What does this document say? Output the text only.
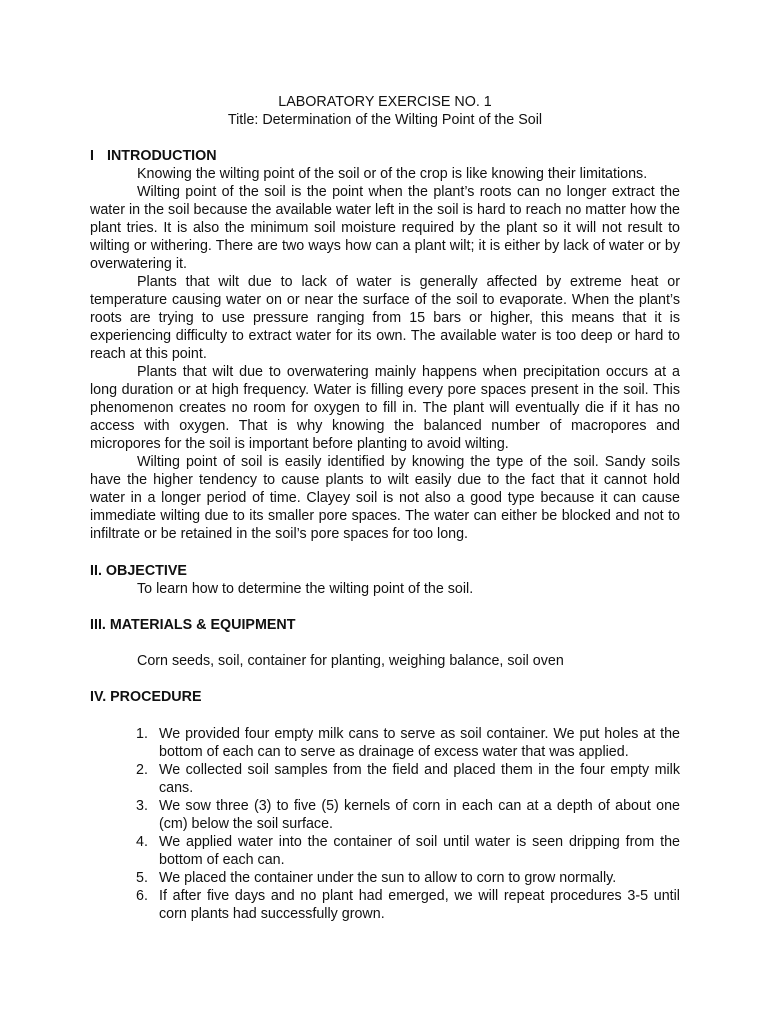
LABORATORY EXERCISE NO. 1

Title: Determination of the Wilting Point of the Soil

I INTRODUCTION

Knowing the wilting point of the soil or of the crop is like knowing their limitations.

Wilting point of the soil is the point when the plant’s roots can no longer extract the water in the soil because the available water left in the soil is hard to reach no matter how the plant tries. It is also the minimum soil moisture required by the plant so it will not result to wilting or withering. There are two ways how can a plant wilt; it is either by lack of water or by overwatering it.

Plants that wilt due to lack of water is generally affected by extreme heat or temperature causing water on or near the surface of the soil to evaporate. When the plant’s roots are trying to use pressure ranging from 15 bars or higher, this means that it is experiencing difficulty to extract water for its own. The available water is too deep or hard to reach at this point.

Plants that wilt due to overwatering mainly happens when precipitation occurs at a long duration or at high frequency. Water is filling every pore spaces present in the soil. This phenomenon creates no room for oxygen to fill in. The plant will eventually die if it has no access with oxygen. That is why knowing the balanced number of macropores and micropores for the soil is important before planting to avoid wilting.

Wilting point of soil is easily identified by knowing the type of the soil. Sandy soils have the higher tendency to cause plants to wilt easily due to the fact that it cannot hold water in a longer period of time. Clayey soil is not also a good type because it can cause immediate wilting due to its smaller pore spaces. The water can either be blocked and not to infiltrate or be retained in the soil’s pore spaces for too long.

II. OBJECTIVE

To learn how to determine the wilting point of the soil.

III. MATERIALS & EQUIPMENT

Corn seeds, soil, container for planting, weighing balance, soil oven

IV. PROCEDURE

1. We provided four empty milk cans to serve as soil container. We put holes at the bottom of each can to serve as drainage of excess water that was applied.
2. We collected soil samples from the field and placed them in the four empty milk cans.
3. We sow three (3) to five (5) kernels of corn in each can at a depth of about one (cm) below the soil surface.
4. We applied water into the container of soil until water is seen dripping from the bottom of each can.
5. We placed the container under the sun to allow to corn to grow normally.
6. If after five days and no plant had emerged, we will repeat procedures 3-5 until corn plants had successfully grown.
